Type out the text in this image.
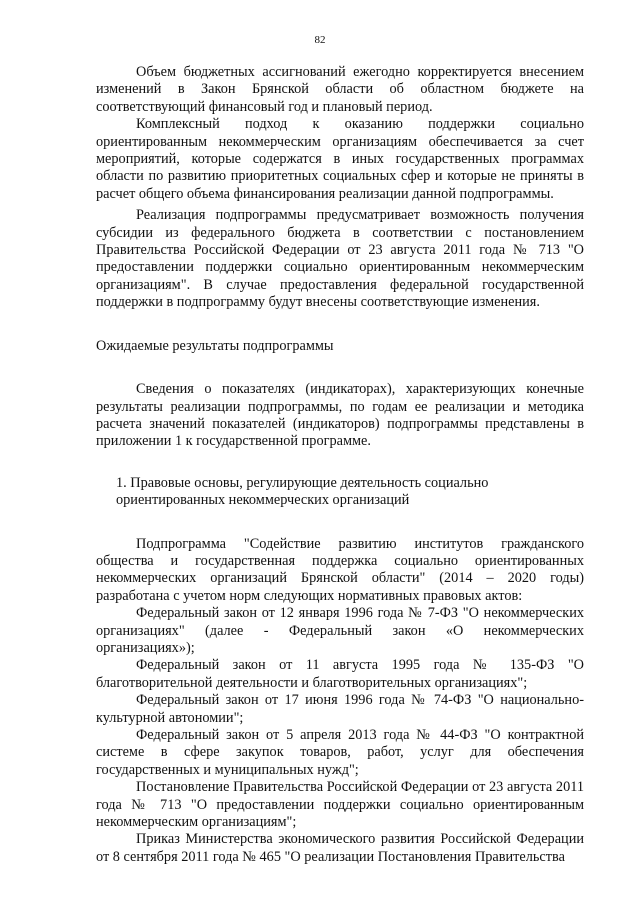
82

Объем бюджетных ассигнований ежегодно корректируется внесением изменений в Закон Брянской области об областном бюджете на соответствующий финансовый год и плановый период.

Комплексный подход к оказанию поддержки социально ориентированным некоммерческим организациям обеспечивается за счет мероприятий, которые содержатся в иных государственных программах области по развитию приоритетных социальных сфер и которые не приняты в расчет общего объема финансирования реализации данной подпрограммы.

Реализация подпрограммы предусматривает возможность получения субсидии из федерального бюджета в соответствии с постановлением Правительства Российской Федерации от 23 августа 2011 года № 713 "О предоставлении поддержки социально ориентированным некоммерческим организациям". В случае предоставления федеральной государственной поддержки в подпрограмму будут внесены соответствующие изменения.

Ожидаемые результаты подпрограммы

Сведения о показателях (индикаторах), характеризующих конечные результаты реализации подпрограммы, по годам ее реализации и методика расчета значений показателей (индикаторов) подпрограммы представлены в приложении 1 к государственной программе.

1. Правовые основы, регулирующие деятельность социально
ориентированных некоммерческих организаций

Подпрограмма "Содействие развитию институтов гражданского общества и государственная поддержка социально ориентированных некоммерческих организаций Брянской области" (2014 – 2020 годы) разработана с учетом норм следующих нормативных правовых актов:

Федеральный закон от 12 января 1996 года № 7-ФЗ "О некоммерческих организациях" (далее - Федеральный закон «О некоммерческих организациях»);

Федеральный закон от 11 августа 1995 года № 135-ФЗ "О благотворительной деятельности и благотворительных организациях";

Федеральный закон от 17 июня 1996 года № 74-ФЗ "О национально-культурной автономии";

Федеральный закон от 5 апреля 2013 года № 44-ФЗ "О контрактной системе в сфере закупок товаров, работ, услуг для обеспечения государственных и муниципальных нужд";

Постановление Правительства Российской Федерации от 23 августа 2011 года № 713 "О предоставлении поддержки социально ориентированным некоммерческим организациям";

Приказ Министерства экономического развития Российской Федерации от 8 сентября 2011 года № 465 "О реализации Постановления Правительства
